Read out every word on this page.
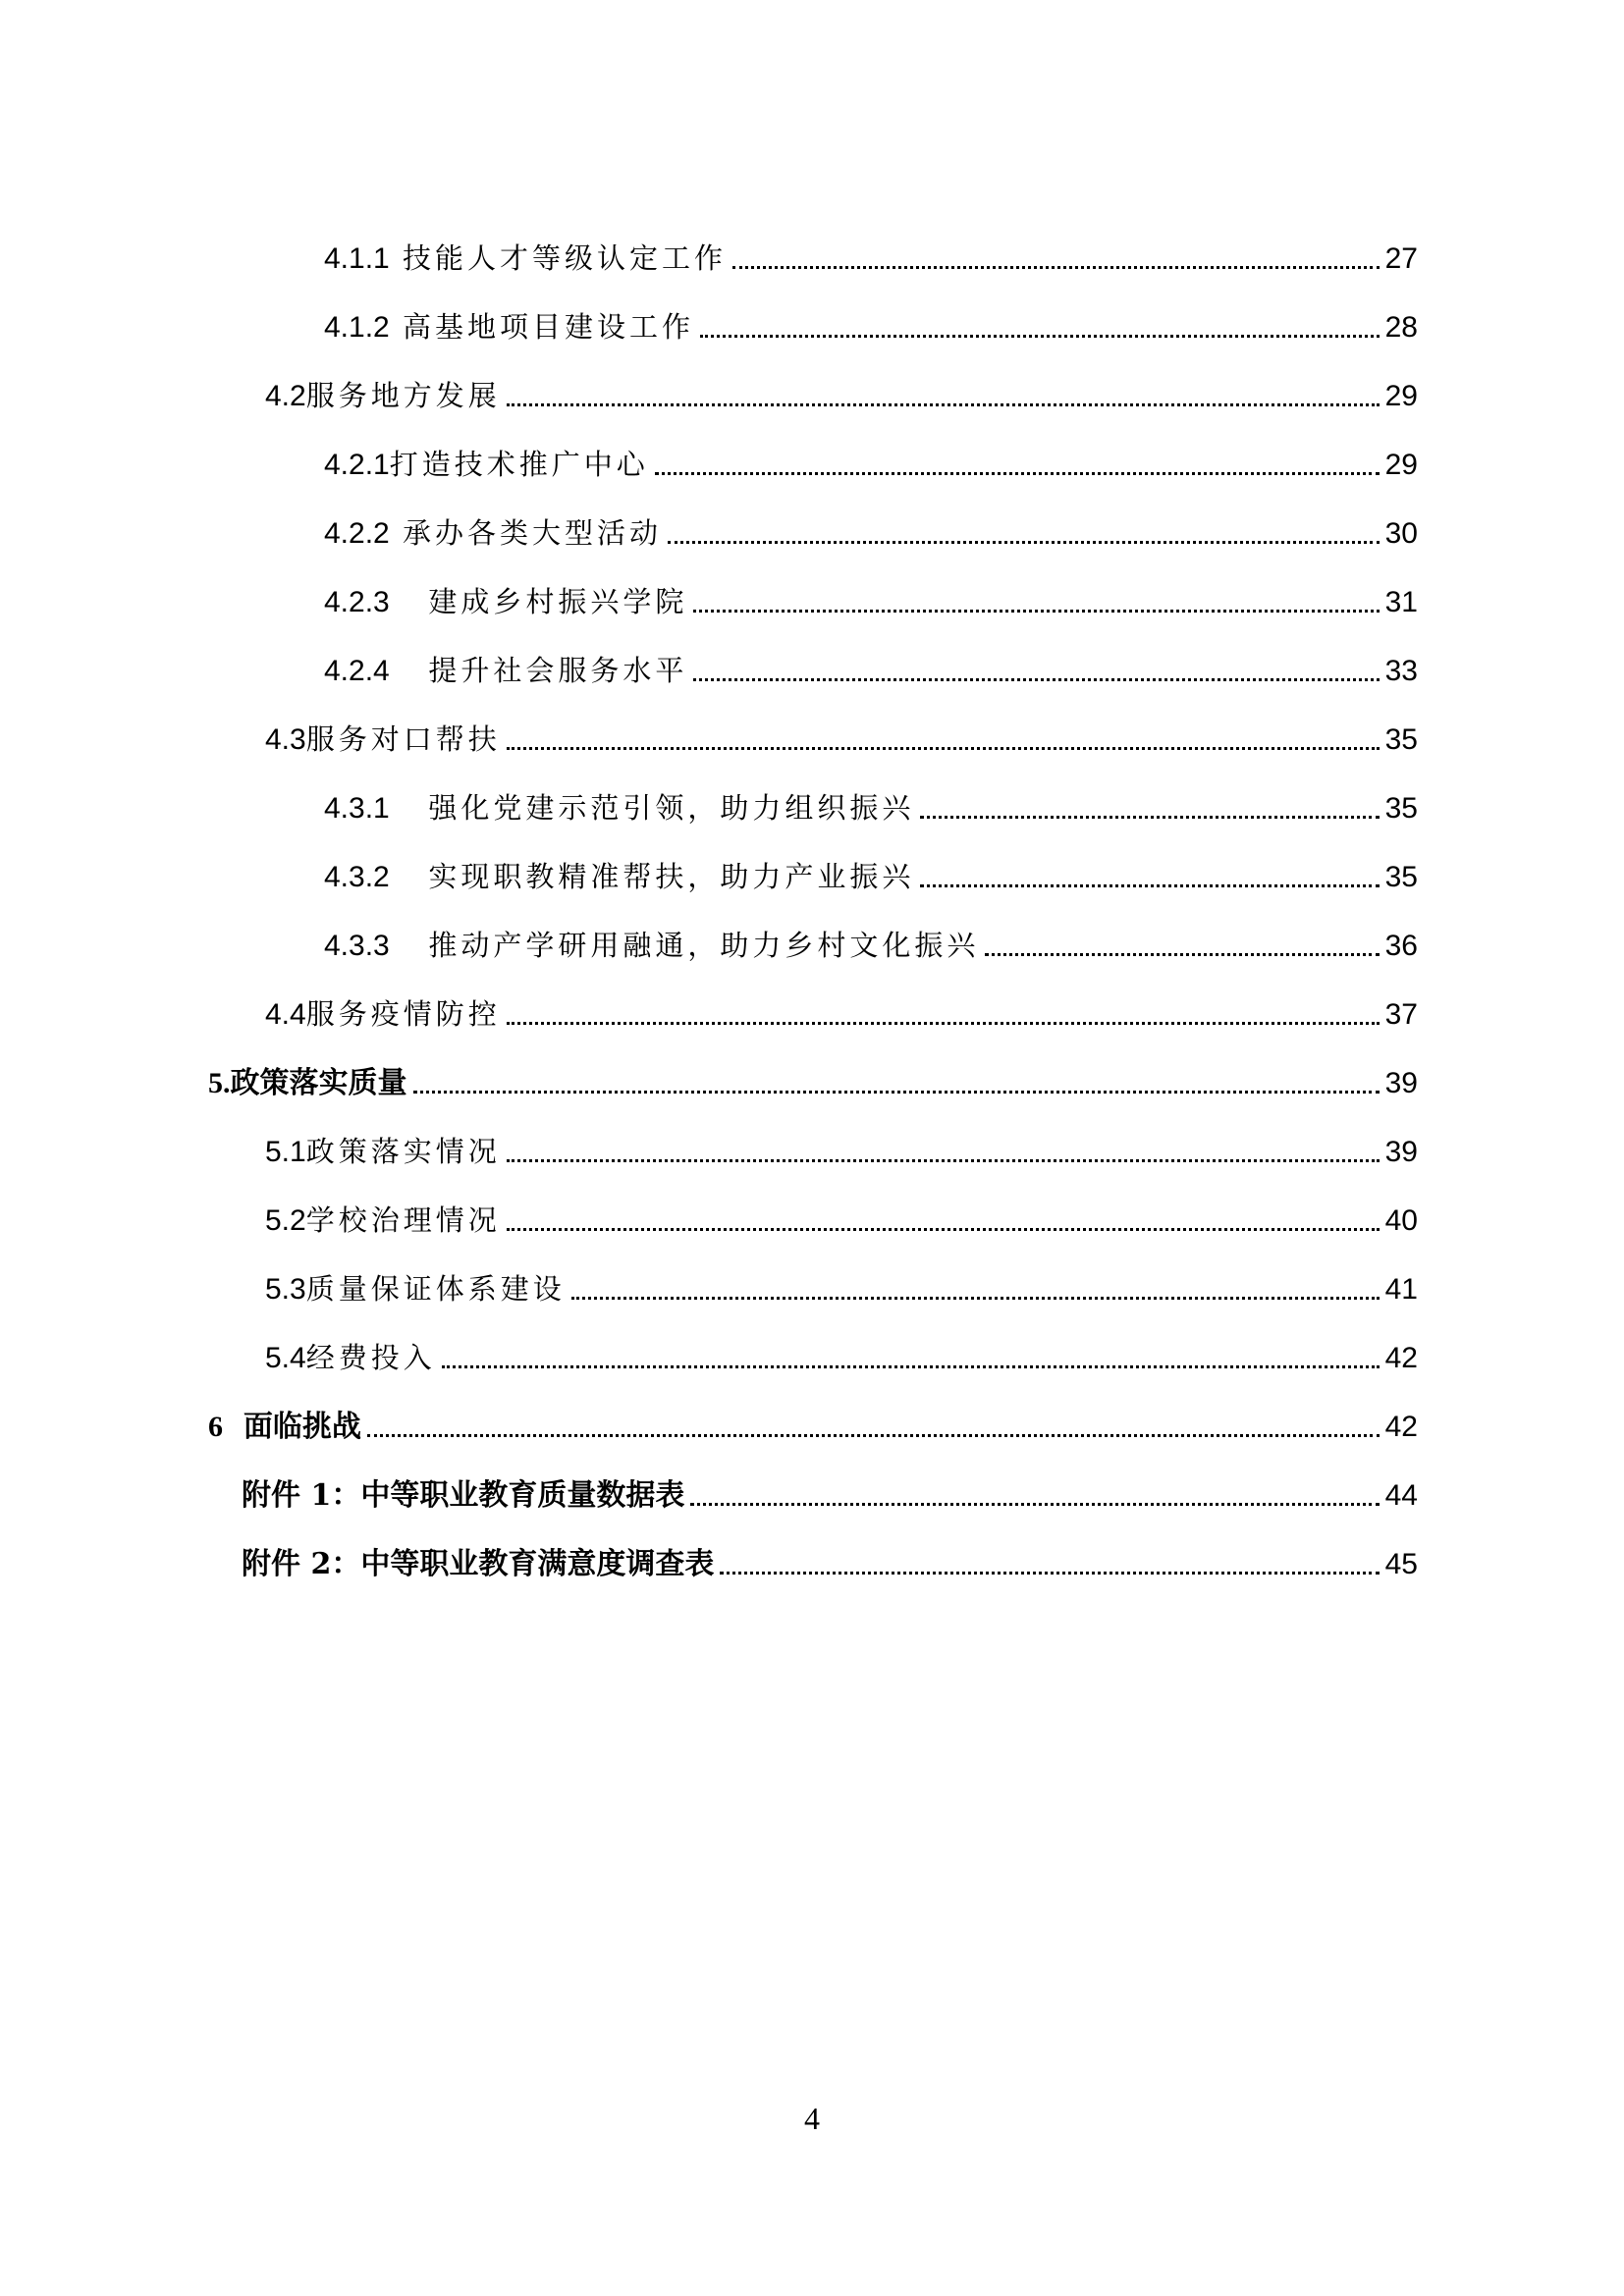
4.1.1 技能人才等级认定工作	27
4.1.2 高基地项目建设工作	28
4.2服务地方发展	29
4.2.1打造技术推广中心	29
4.2.2 承办各类大型活动	30
4.2.3 建成乡村振兴学院	31
4.2.4 提升社会服务水平	33
4.3服务对口帮扶	35
4.3.1 强化党建示范引领，助力组织振兴	35
4.3.2 实现职教精准帮扶，助力产业振兴	35
4.3.3 推动产学研用融通，助力乡村文化振兴	36
4.4服务疫情防控	37
5.政策落实质量	39
5.1政策落实情况	39
5.2学校治理情况	40
5.3质量保证体系建设	41
5.4经费投入	42
6 面临挑战	42
附件 1：中等职业教育质量数据表	44
附件 2：中等职业教育满意度调查表	45
4
